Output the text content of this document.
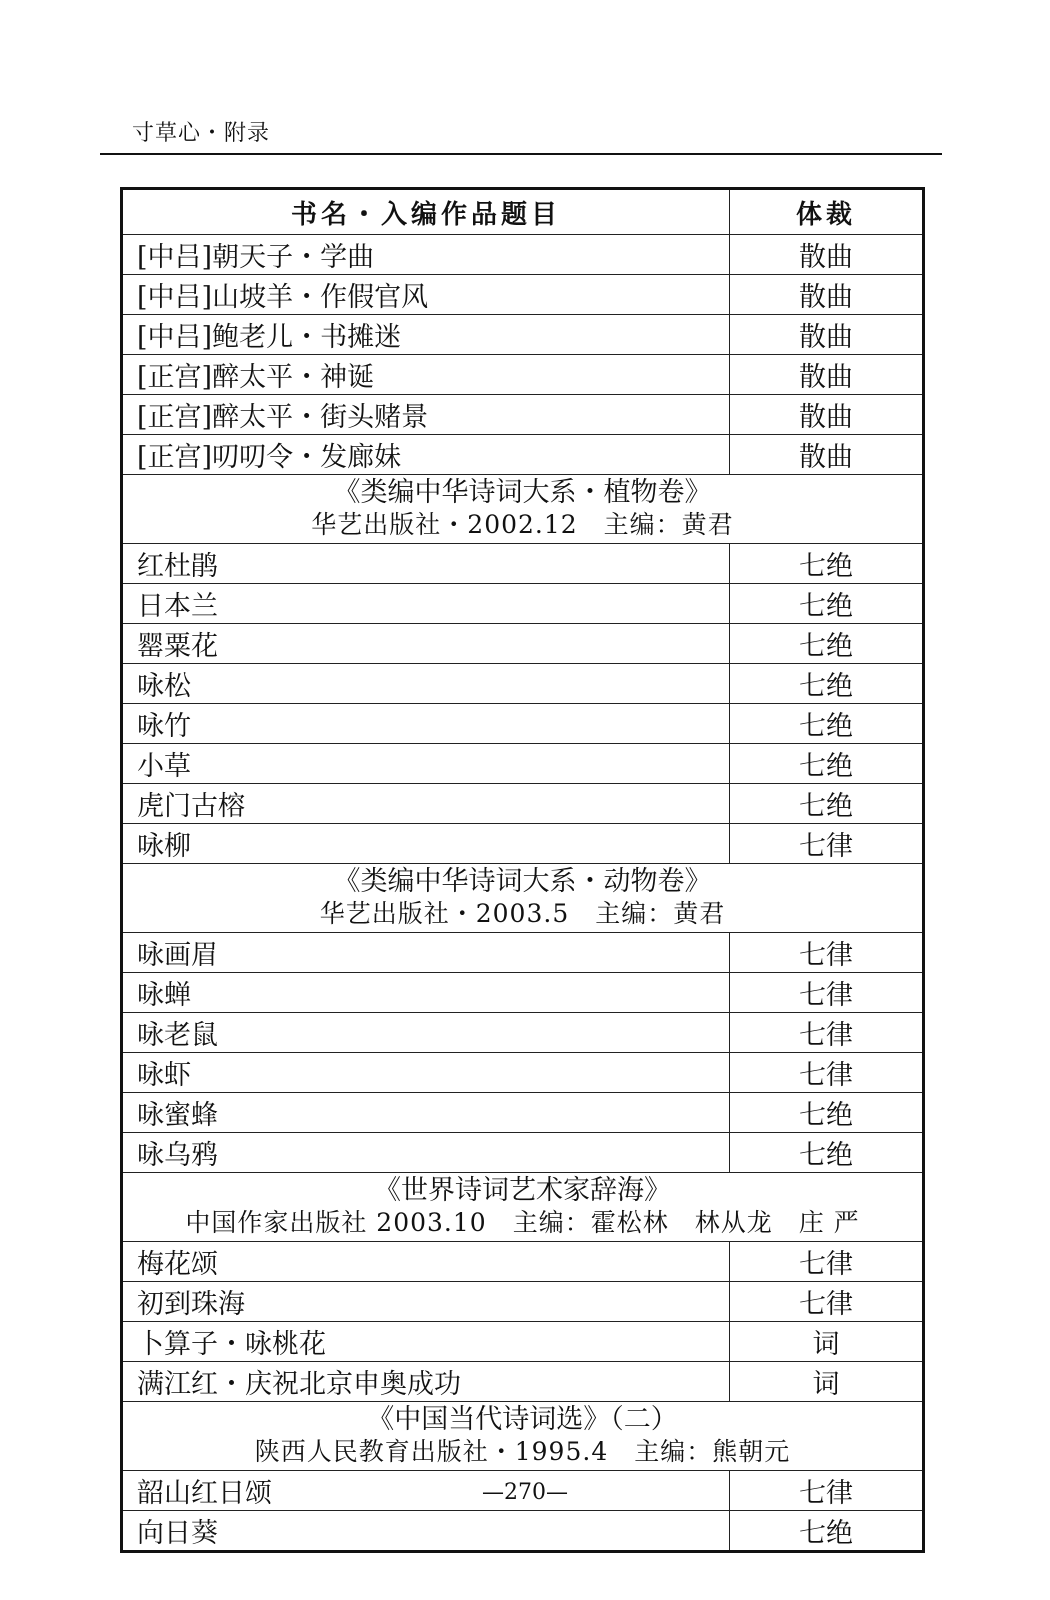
寸草心・附录
书名・入编作品题目	体裁
[中吕]朝天子・学曲	散曲
[中吕]山坡羊・作假官风	散曲
[中吕]鲍老儿・书摊迷	散曲
[正宫]醉太平・神诞	散曲
[正宫]醉太平・街头赌景	散曲
[正宫]叨叨令・发廊妹	散曲

《类编中华诗词大系・植物卷》
华艺出版社・2002.12　主编：黄君	

红杜鹃	七绝
日本兰	七绝
罂粟花	七绝
咏松	七绝
咏竹	七绝
小草	七绝
虎门古榕	七绝
咏柳	七律

《类编中华诗词大系・动物卷》
华艺出版社・2003.5　主编：黄君	

咏画眉	七律
咏蝉	七律
咏老鼠	七律
咏虾	七律
咏蜜蜂	七绝
咏乌鸦	七绝

《世界诗词艺术家辞海》
中国作家出版社 2003.10　主编：霍松林　林从龙　庄 严	

梅花颂	七律
初到珠海	七律
卜算子・咏桃花	词
满江红・庆祝北京申奥成功	词

《中国当代诗词选》（二）
陕西人民教育出版社・1995.4　主编：熊朝元	

韶山红日颂	七律
向日葵	七绝
—270—
